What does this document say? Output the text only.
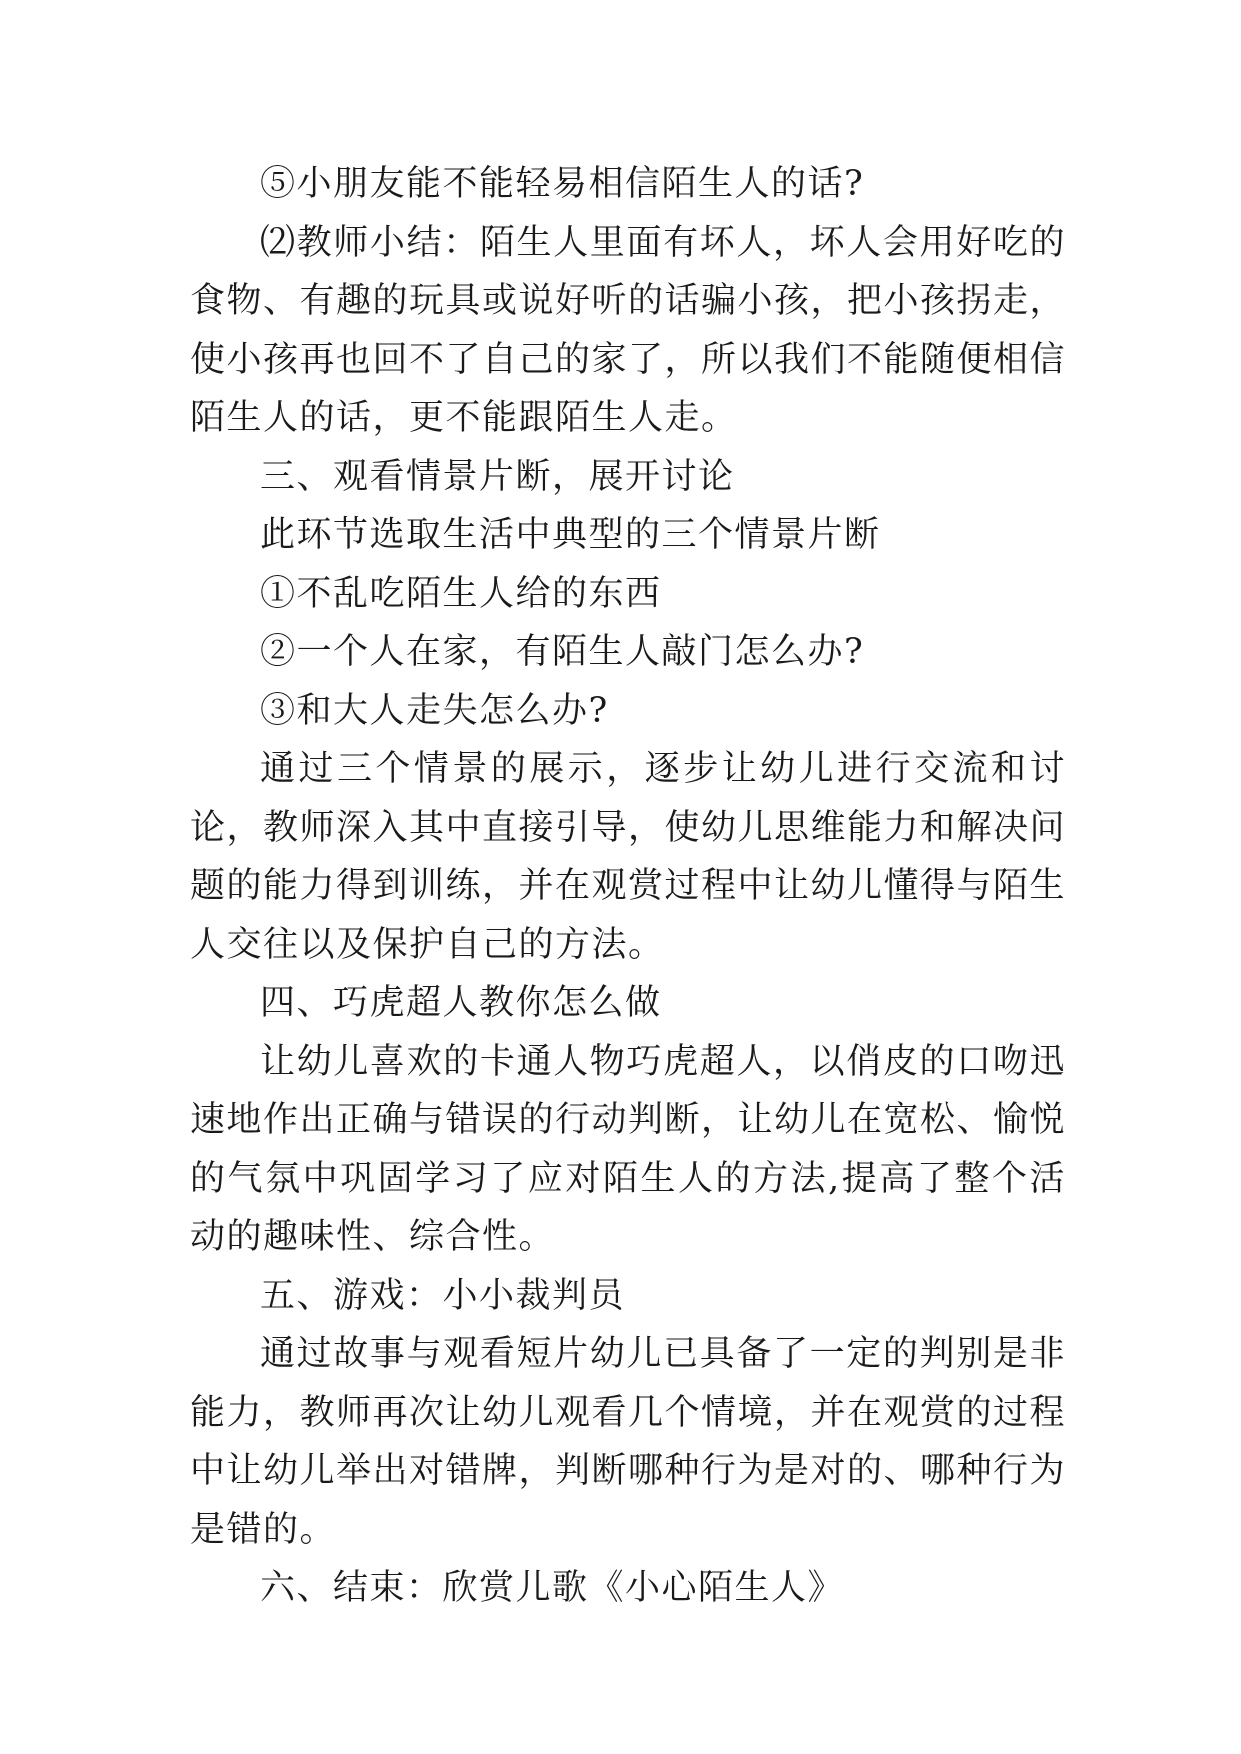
⑤小朋友能不能轻易相信陌生人的话?

⑵教师小结：陌生人里面有坏人，坏人会用好吃的食物、有趣的玩具或说好听的话骗小孩，把小孩拐走，使小孩再也回不了自己的家了，所以我们不能随便相信陌生人的话，更不能跟陌生人走。

三、观看情景片断，展开讨论

此环节选取生活中典型的三个情景片断

①不乱吃陌生人给的东西

②一个人在家，有陌生人敲门怎么办?

③和大人走失怎么办?

通过三个情景的展示，逐步让幼儿进行交流和讨论，教师深入其中直接引导，使幼儿思维能力和解决问题的能力得到训练，并在观赏过程中让幼儿懂得与陌生人交往以及保护自己的方法。

四、巧虎超人教你怎么做

让幼儿喜欢的卡通人物巧虎超人，以俏皮的口吻迅速地作出正确与错误的行动判断，让幼儿在宽松、愉悦的气氛中巩固学习了应对陌生人的方法,提高了整个活动的趣味性、综合性。

五、游戏：小小裁判员

通过故事与观看短片幼儿已具备了一定的判别是非能力，教师再次让幼儿观看几个情境，并在观赏的过程中让幼儿举出对错牌，判断哪种行为是对的、哪种行为是错的。

六、结束：欣赏儿歌《小心陌生人》
